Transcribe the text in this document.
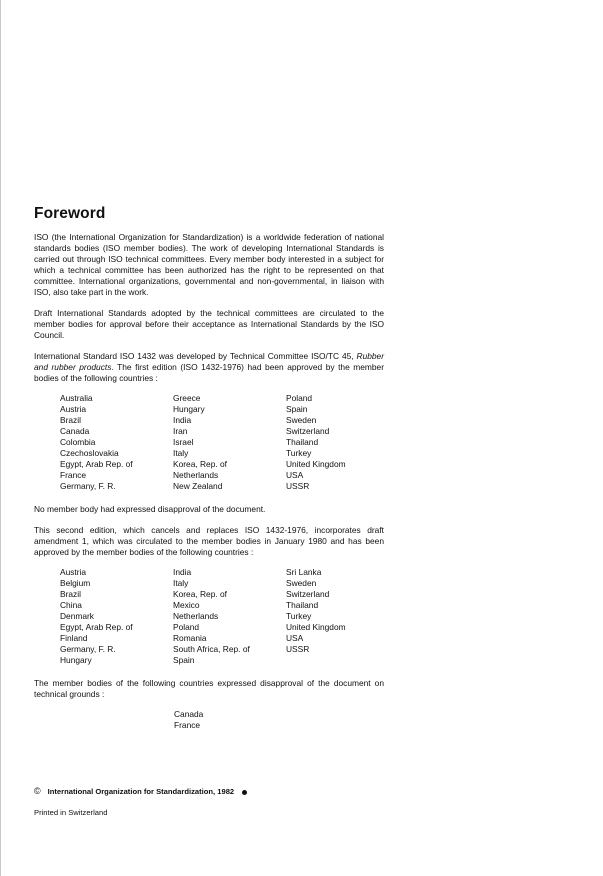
Foreword

ISO (the International Organization for Standardization) is a worldwide federation of national standards bodies (ISO member bodies). The work of developing International Standards is carried out through ISO technical committees. Every member body interested in a subject for which a technical committee has been authorized has the right to be represented on that committee. International organizations, governmental and non-governmental, in liaison with ISO, also take part in the work.

Draft International Standards adopted by the technical committees are circulated to the member bodies for approval before their acceptance as International Standards by the ISO Council.

International Standard ISO 1432 was developed by Technical Committee ISO/TC 45, Rubber and rubber products. The first edition (ISO 1432-1976) had been approved by the member bodies of the following countries :

Australia	Greece	Poland
Austria	Hungary	Spain
Brazil	India	Sweden
Canada	Iran	Switzerland
Colombia	Israel	Thailand
Czechoslovakia	Italy	Turkey
Egypt, Arab Rep. of	Korea, Rep. of	United Kingdom
France	Netherlands	USA
Germany, F. R.	New Zealand	USSR

No member body had expressed disapproval of the document.

This second edition, which cancels and replaces ISO 1432-1976, incorporates draft amendment 1, which was circulated to the member bodies in January 1980 and has been approved by the member bodies of the following countries :

Austria	India	Sri Lanka
Belgium	Italy	Sweden
Brazil	Korea, Rep. of	Switzerland
China	Mexico	Thailand
Denmark	Netherlands	Turkey
Egypt, Arab Rep. of	Poland	United Kingdom
Finland	Romania	USA
Germany, F. R.	South Africa, Rep. of	USSR
Hungary	Spain

The member bodies of the following countries expressed disapproval of the document on technical grounds :

Canada
France
© International Organization for Standardization, 1982
Printed in Switzerland
